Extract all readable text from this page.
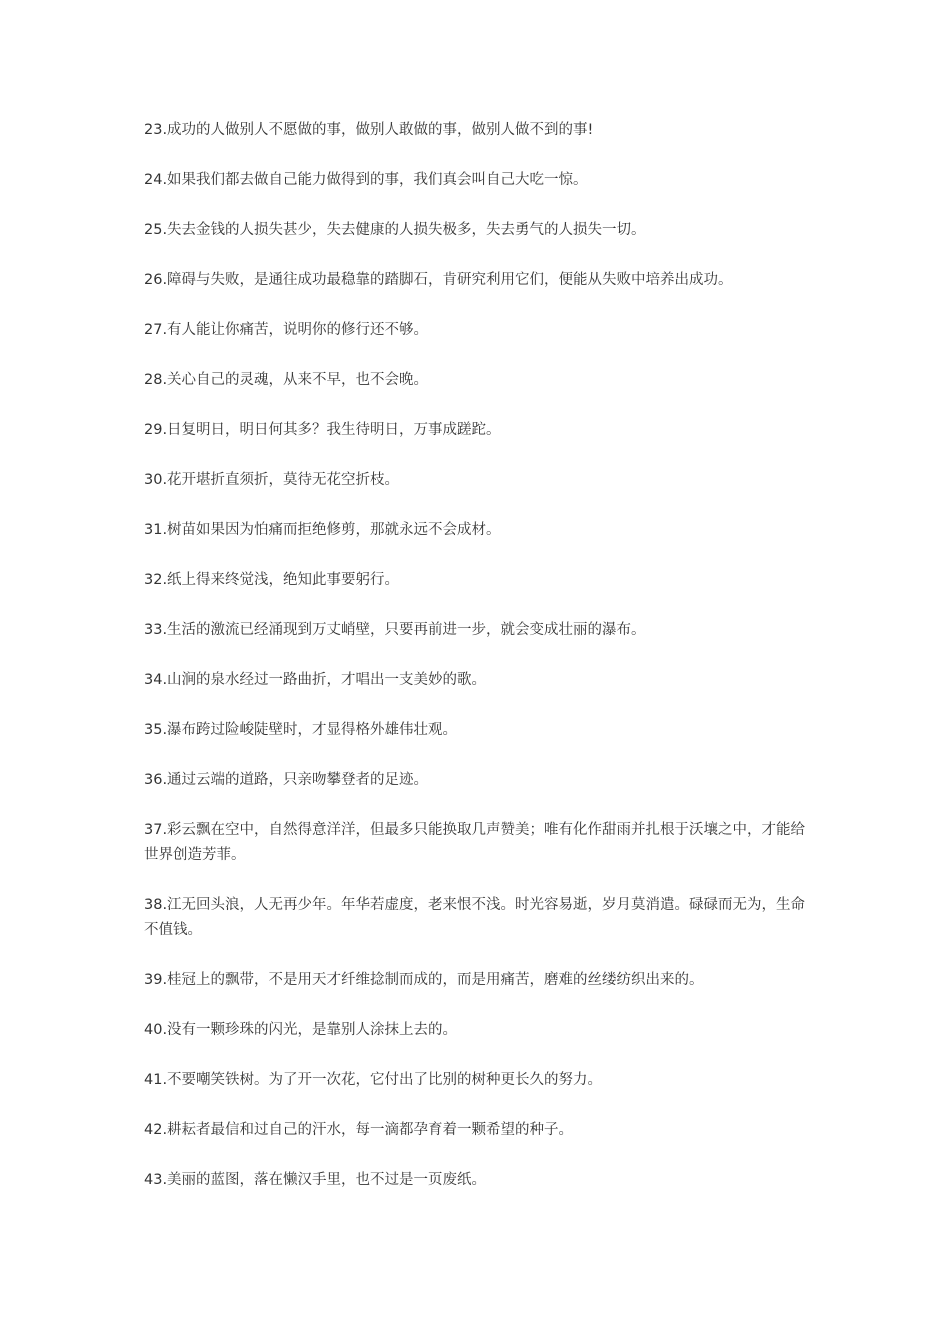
23.成功的人做别人不愿做的事，做别人敢做的事，做别人做不到的事!

24.如果我们都去做自己能力做得到的事，我们真会叫自己大吃一惊。

25.失去金钱的人损失甚少，失去健康的人损失极多，失去勇气的人损失一切。

26.障碍与失败，是通往成功最稳靠的踏脚石，肯研究利用它们，便能从失败中培养出成功。

27.有人能让你痛苦，说明你的修行还不够。

28.关心自己的灵魂，从来不早，也不会晚。

29.日复明日，明日何其多？我生待明日，万事成蹉跎。

30.花开堪折直须折，莫待无花空折枝。

31.树苗如果因为怕痛而拒绝修剪，那就永远不会成材。

32.纸上得来终觉浅，绝知此事要躬行。

33.生活的激流已经涌现到万丈峭壁，只要再前进一步，就会变成壮丽的瀑布。

34.山涧的泉水经过一路曲折，才唱出一支美妙的歌。

35.瀑布跨过险峻陡壁时，才显得格外雄伟壮观。

36.通过云端的道路，只亲吻攀登者的足迹。

37.彩云飘在空中，自然得意洋洋，但最多只能换取几声赞美；唯有化作甜雨并扎根于沃壤之中，才能给世界创造芳菲。

38.江无回头浪，人无再少年。年华若虚度，老来恨不浅。时光容易逝，岁月莫消遣。碌碌而无为，生命不值钱。

39.桂冠上的飘带，不是用天才纤维捻制而成的，而是用痛苦，磨难的丝缕纺织出来的。

40.没有一颗珍珠的闪光，是靠别人涂抹上去的。

41.不要嘲笑铁树。为了开一次花，它付出了比别的树种更长久的努力。

42.耕耘者最信和过自己的汗水，每一滴都孕育着一颗希望的种子。

43.美丽的蓝图，落在懒汉手里，也不过是一页废纸。
